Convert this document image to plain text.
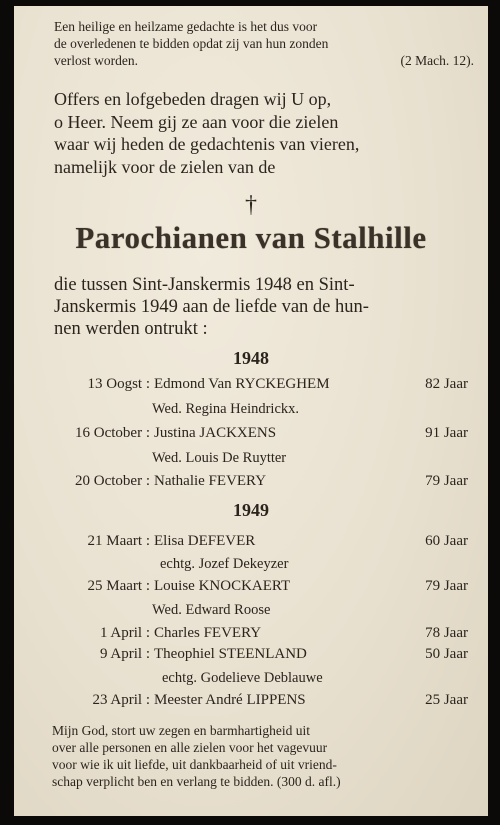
Een heilige en heilzame gedachte is het dus voor
de overledenen te bidden opdat zij van hun zonden
verlost worden.	(2 Mach. 12).
Offers en lofgebeden dragen wij U op,
o Heer. Neem gij ze aan voor die zielen
waar wij heden de gedachtenis van vieren,
namelijk voor de zielen van de
†
Parochianen van Stalhille
die tussen Sint-Janskermis 1948 en Sint-
Janskermis 1949 aan de liefde van de hun-
nen werden ontrukt :
1948
13 Oogst : Edmond Van RYCKEGHEM	82 Jaar
Wed. Regina Heindrickx.
16 October : Justina JACKXENS	91 Jaar
Wed. Louis De Ruytter
20 October : Nathalie FEVERY	79 Jaar
1949
21 Maart : Elisa DEFEVER	60 Jaar
echtg. Jozef Dekeyzer
25 Maart : Louise KNOCKAERT	79 Jaar
Wed. Edward Roose
1 April : Charles FEVERY	78 Jaar
9 April : Theophiel STEENLAND	50 Jaar
echtg. Godelieve Deblauwe
23 April : Meester André LIPPENS	25 Jaar
Mijn God, stort uw zegen en barmhartigheid uit
over alle personen en alle zielen voor het vagevuur
voor wie ik uit liefde, uit dankbaarheid of uit vriend-
schap verplicht ben en verlang te bidden. (300 d. afl.)
